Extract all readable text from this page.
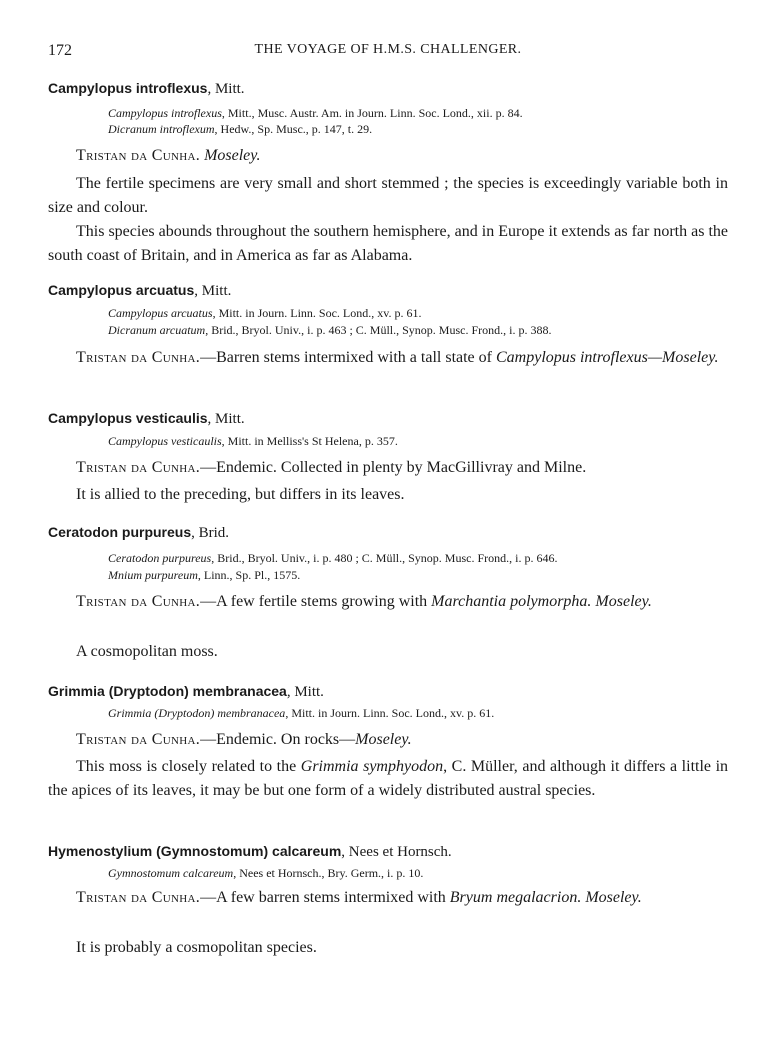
172	THE VOYAGE OF H.M.S. CHALLENGER.
Campylopus introflexus, Mitt.
Campylopus introflexus, Mitt., Musc. Austr. Am. in Journ. Linn. Soc. Lond., xii. p. 84.
Dicranum introflexum, Hedw., Sp. Musc., p. 147, t. 29.

Tristan da Cunha. Moseley.

The fertile specimens are very small and short stemmed ; the species is exceedingly variable both in size and colour.

This species abounds throughout the southern hemisphere, and in Europe it extends as far north as the south coast of Britain, and in America as far as Alabama.

Campylopus arcuatus, Mitt.
Campylopus arcuatus, Mitt. in Journ. Linn. Soc. Lond., xv. p. 61.
Dicranum arcuatum, Brid., Bryol. Univ., i. p. 463 ; C. Müll., Synop. Musc. Frond., i. p. 388.

Tristan da Cunha.—Barren stems intermixed with a tall state of Campylopus introflexus—Moseley.

Campylopus vesticaulis, Mitt.
Campylopus vesticaulis, Mitt. in Melliss's St Helena, p. 357.

Tristan da Cunha.—Endemic. Collected in plenty by MacGillivray and Milne.

It is allied to the preceding, but differs in its leaves.

Ceratodon purpureus, Brid.
Ceratodon purpureus, Brid., Bryol. Univ., i. p. 480 ; C. Müll., Synop. Musc. Frond., i. p. 646.
Mnium purpureum, Linn., Sp. Pl., 1575.

Tristan da Cunha.—A few fertile stems growing with Marchantia polymorpha. Moseley.

A cosmopolitan moss.

Grimmia (Dryptodon) membranacea, Mitt.
Grimmia (Dryptodon) membranacea, Mitt. in Journ. Linn. Soc. Lond., xv. p. 61.

Tristan da Cunha.—Endemic. On rocks—Moseley.

This moss is closely related to the Grimmia symphyodon, C. Müller, and although it differs a little in the apices of its leaves, it may be but one form of a widely distributed austral species.

Hymenostylium (Gymnostomum) calcareum, Nees et Hornsch.
Gymnostomum calcareum, Nees et Hornsch., Bry. Germ., i. p. 10.

Tristan da Cunha.—A few barren stems intermixed with Bryum megalacrion. Moseley.

It is probably a cosmopolitan species.
